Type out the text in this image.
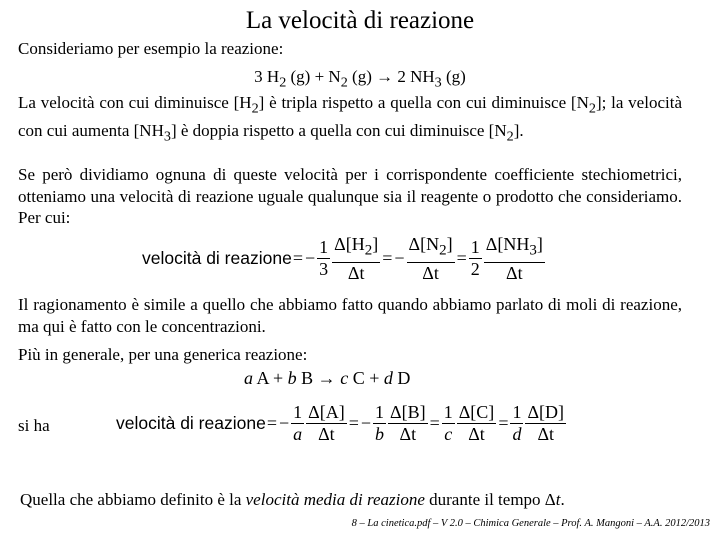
La velocità di reazione

Consideriamo per esempio la reazione:

3 $H_2$ $(g) + N_2$ (g) → 2 $NH_3$ (g)

La velocità con cui diminuisce $[H_2]$ è tripla rispetto a quella con cui diminuisce $[N_2]$; la velocità con cui aumenta $[NH_3]$ è doppia rispetto a quella con cui diminuisce $[N_2]$.

Se però dividiamo ognuna di queste velocità per i corrispondente coefficiente stechiometrici, otteniamo una velocità di reazione uguale qualunque sia il reagente o prodotto che consideriamo. Per cui:

velocità di reazione = − $\frac{1}{3} \frac{\Delta[H_2]}{\Delta t}$ = − $\frac{\Delta[N_2]}{\Delta t} = \frac{1}{2} \frac{\Delta[NH_3]}{\Delta t}$

Il ragionamento è simile a quello che abbiamo fatto quando abbiamo parlato di moli di reazione, ma qui è fatto con le concentrazioni.

Più in generale, per una generica reazione:

a A + b B → c C + d D
si ha	velocità di reazione = − $\frac{1}{a} \frac{\Delta[A]}{\Delta t}$ = − $\frac{1}{b} \frac{\Delta[B]}{\Delta t} = \frac{1}{c} \frac{\Delta[C]}{\Delta t} = \frac{1}{d} \frac{\Delta[D]}{\Delta t}$
Quella che abbiamo definito è la velocità media di reazione durante il tempo Δt.
8 – La cinetica.pdf – V 2.0 – Chimica Generale – Prof. A. Mangoni – A.A. 2012/2013
